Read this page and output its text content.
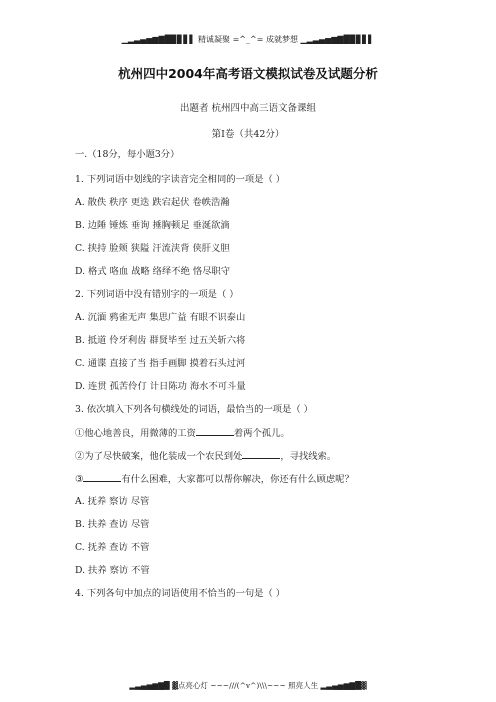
▁▂▃▄▅▆▇█▉▊▋▌ 精诚凝聚 =^_^= 成就梦想 ▁▂▃▄▅▆▇█▉▊▋▌
杭州四中2004年高考语文模拟试卷及试题分析
出题者 杭州四中高三语文备课组
第Ⅰ卷（共42分）
一.（18分，每小题3分）
1. 下列词语中划线的字读音完全相同的一项是（ ）
A. 散佚 秩序 更迭 跌宕起伏 卷帙浩瀚
B. 边陲 锤炼 垂询 捶胸顿足 垂涎欲滴
C. 挟持 脸颊 狭隘 汗流浃背 侠肝义胆
D. 格式 咯血 战略 络绎不绝 恪尽职守
2. 下列词语中没有错别字的一项是（ ）
A. 沉湎 鸦雀无声 集思广益 有眼不识泰山
B. 抵道 伶牙利齿 群贤毕至 过五关斩六将
C. 通谍 直接了当 指手画脚 摸着石头过河
D. 连贯 孤苦伶仃 计日陈功 海水不可斗量
3. 依次填入下列各句横线处的词语，最恰当的一项是（ ）
①他心地善良，用微薄的工资	着两个孤儿。
②为了尽快破案，他化装成一个农民到处	，寻找线索。
③	有什么困难，大家都可以帮你解决，你还有什么顾虑呢？
A. 抚养 察访 尽管
B. 扶养 查访 尽管
C. 抚养 查访 不管
D. 扶养 察访 不管
4. 下列各句中加点的词语使用不恰当的一句是（ ）
▂▃▄▅▆▇█ ▓点亮心灯 ~~~///(^v^)\\\~~~ 照亮人生 ▂▃▄▅▆▇█▓
